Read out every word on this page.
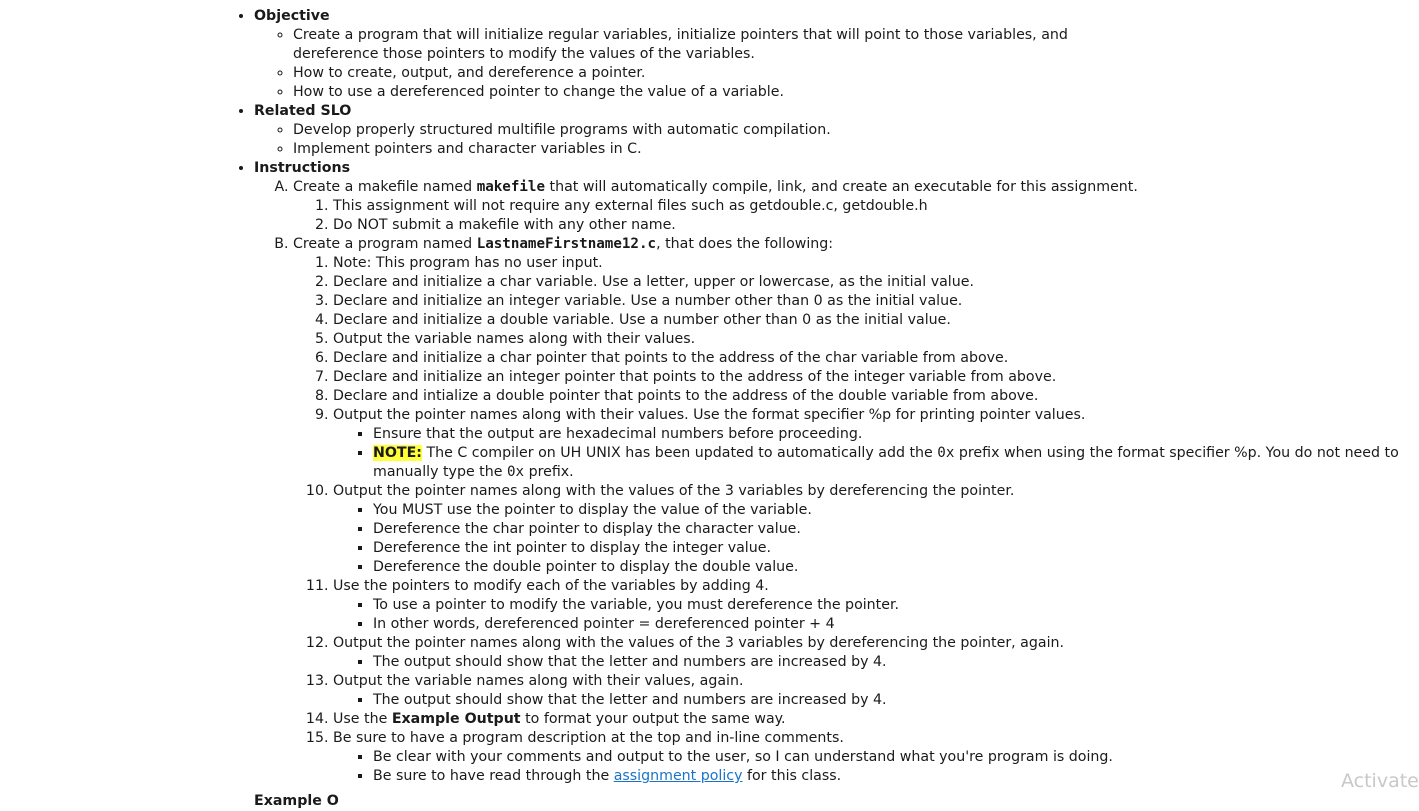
• Objective
◦ Create a program that will initialize regular variables, initialize pointers that will point to those variables, and dereference those pointers to modify the values of the variables.
◦ How to create, output, and dereference a pointer.
◦ How to use a dereferenced pointer to change the value of a variable.
• Related SLO
◦ Develop properly structured multifile programs with automatic compilation.
◦ Implement pointers and character variables in C.
• Instructions
A. Create a makefile named makefile that will automatically compile, link, and create an executable for this assignment.
1. This assignment will not require any external files such as getdouble.c, getdouble.h
2. Do NOT submit a makefile with any other name.
B. Create a program named LastnameFirstname12.c, that does the following:
1. Note: This program has no user input.
2. Declare and initialize a char variable. Use a letter, upper or lowercase, as the initial value.
3. Declare and initialize an integer variable. Use a number other than 0 as the initial value.
4. Declare and initialize a double variable. Use a number other than 0 as the initial value.
5. Output the variable names along with their values.
6. Declare and initialize a char pointer that points to the address of the char variable from above.
7. Declare and initialize an integer pointer that points to the address of the integer variable from above.
8. Declare and intialize a double pointer that points to the address of the double variable from above.
9. Output the pointer names along with their values. Use the format specifier %p for printing pointer values.
▪ Ensure that the output are hexadecimal numbers before proceeding.
▪ NOTE: The C compiler on UH UNIX has been updated to automatically add the 0x prefix when using the format specifier %p. You do not need to manually type the 0x prefix.
10. Output the pointer names along with the values of the 3 variables by dereferencing the pointer.
▪ You MUST use the pointer to display the value of the variable.
▪ Dereference the char pointer to display the character value.
▪ Dereference the int pointer to display the integer value.
▪ Dereference the double pointer to display the double value.
11. Use the pointers to modify each of the variables by adding 4.
▪ To use a pointer to modify the variable, you must dereference the pointer.
▪ In other words, dereferenced pointer = dereferenced pointer + 4
12. Output the pointer names along with the values of the 3 variables by dereferencing the pointer, again.
▪ The output should show that the letter and numbers are increased by 4.
13. Output the variable names along with their values, again.
▪ The output should show that the letter and numbers are increased by 4.
14. Use the Example Output to format your output the same way.
15. Be sure to have a program description at the top and in-line comments.
▪ Be clear with your comments and output to the user, so I can understand what you're program is doing.
▪ Be sure to have read through the assignment policy for this class.
Example O
Activate
